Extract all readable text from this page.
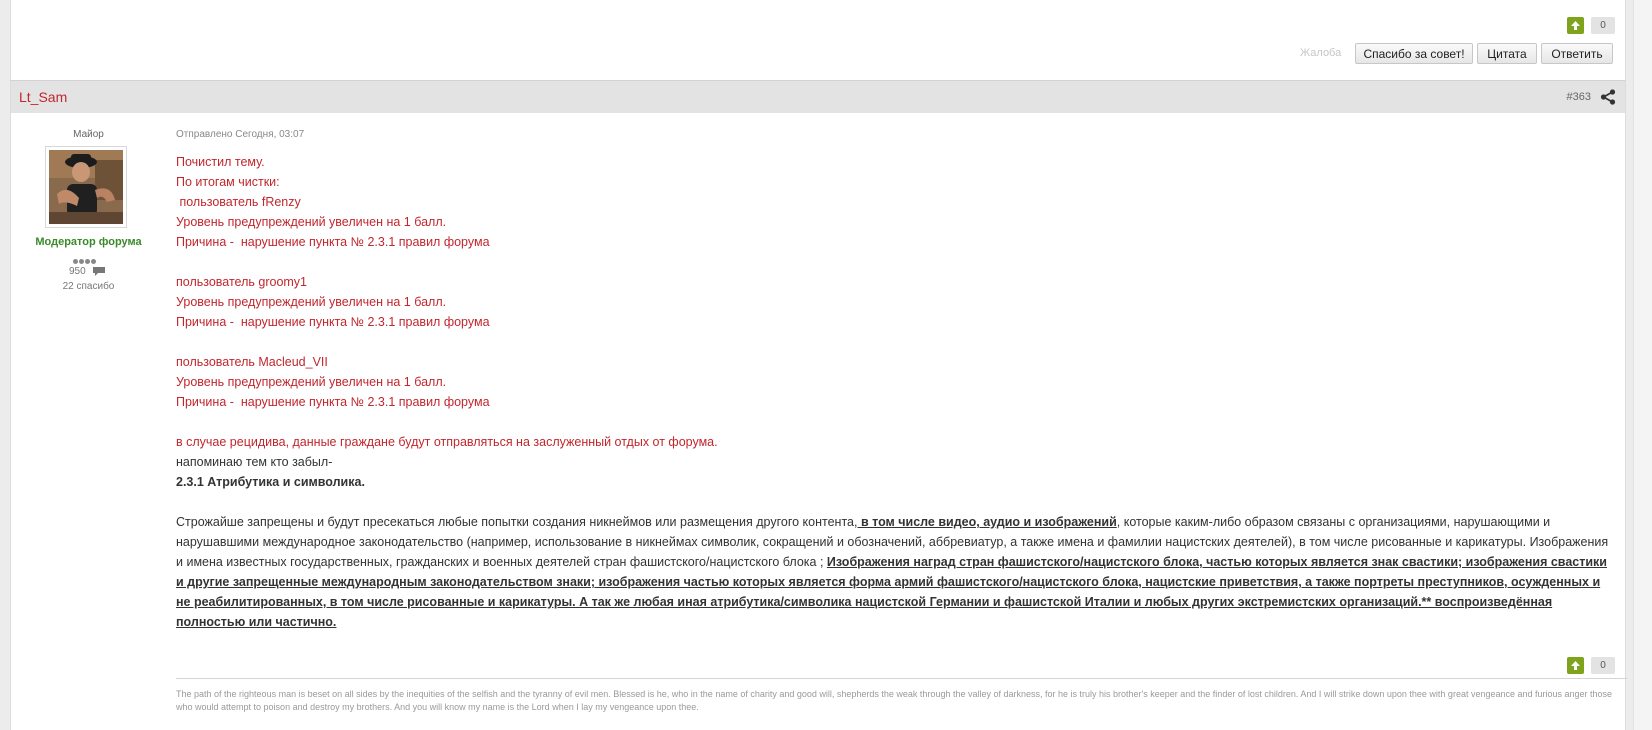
0
Жалоба	Спасибо за совет!	Цитата	Ответить
Lt_Sam	#363
Майор
Модератор форума
950
22 спасибо
Отправлено Сегодня, 03:07
Почистил тему.
По итогам чистки:
пользователь fRenzy
Уровень предупреждений увеличен на 1 балл.
Причина -  нарушение пункта № 2.3.1 правил форума
пользователь groomy1
Уровень предупреждений увеличен на 1 балл.
Причина -  нарушение пункта № 2.3.1 правил форума
пользователь Macleud_VII
Уровень предупреждений увеличен на 1 балл.
Причина -  нарушение пункта № 2.3.1 правил форума
в случае рецидива, данные граждане будут отправляться на заслуженный отдых от форума.
напоминаю тем кто забыл-
2.3.1 Атрибутика и символика.
Строжайше запрещены и будут пресекаться любые попытки создания никнеймов или размещения другого контента, в том числе видео, аудио и изображений, которые каким-либо образом связаны с организациями, нарушающими и нарушавшими международное законодательство (например, использование в никнеймах символик, сокращений и обозначений, аббревиатур, а также имена и фамилии нацистских деятелей), в том числе рисованные и карикатуры. Изображения и имена известных государственных, гражданских и военных деятелей стран фашистского/нацистского блока ; Изображения наград стран фашистского/нацистского блока, частью которых является знак свастики; изображения свастики и другие запрещенные международным законодательством знаки; изображения частью которых является форма армий фашистского/нацистского блока, нацистские приветствия, а также портреты преступников, осужденных и не реабилитированных, в том числе рисованные и карикатуры. А так же любая иная атрибутика/символика нацистской Германии и фашистской Италии и любых других экстремистских организаций.** воспроизведённая полностью или частично.
0
The path of the righteous man is beset on all sides by the inequities of the selfish and the tyranny of evil men. Blessed is he, who in the name of charity and good will, shepherds the weak through the valley of darkness, for he is truly his brother's keeper and the finder of lost children. And I will strike down upon thee with great vengeance and furious anger those who would attempt to poison and destroy my brothers. And you will know my name is the Lord when I lay my vengeance upon thee.
